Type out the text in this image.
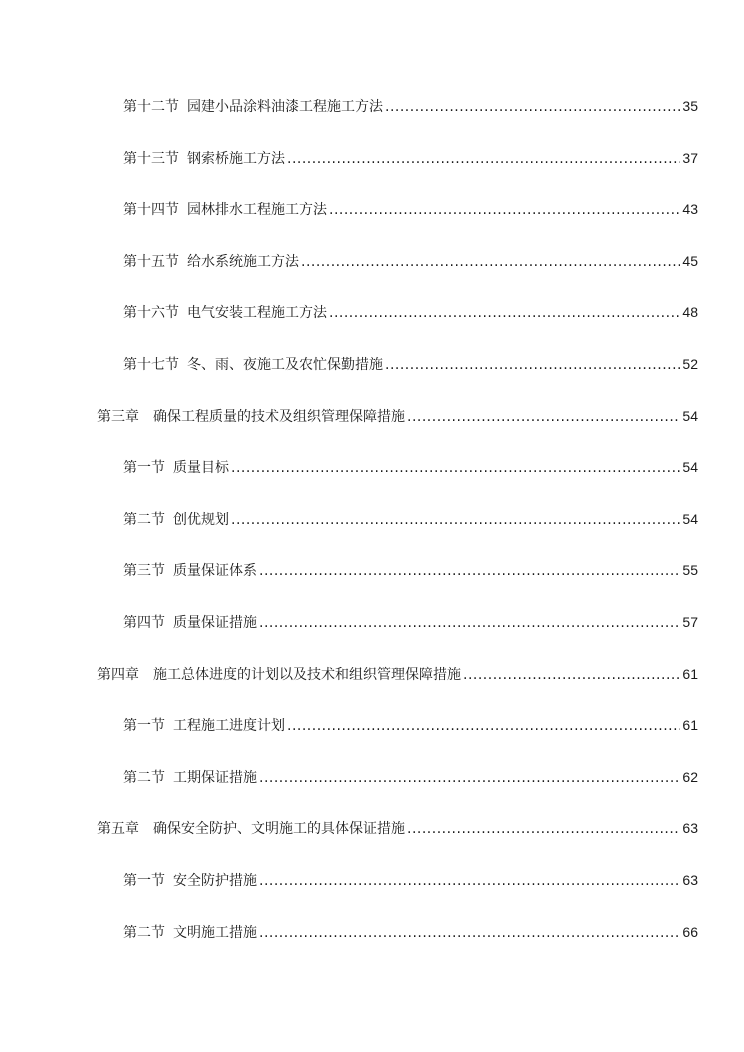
第十二节 园建小品涂料油漆工程施工方法 .....	35
第十三节 钢索桥施工方法 .....	37
第十四节 园林排水工程施工方法 .....	43
第十五节 给水系统施工方法 .....	45
第十六节 电气安装工程施工方法 .....	48
第十七节 冬、雨、夜施工及农忙保勤措施 .....	52
第三章 确保工程质量的技术及组织管理保障措施 .....	54
第一节 质量目标 .....	54
第二节 创优规划 .....	54
第三节 质量保证体系 .....	55
第四节 质量保证措施 .....	57
第四章 施工总体进度的计划以及技术和组织管理保障措施 .....	61
第一节 工程施工进度计划 .....	61
第二节 工期保证措施 .....	62
第五章 确保安全防护、文明施工的具体保证措施 .....	63
第一节 安全防护措施 .....	63
第二节 文明施工措施 .....	66
